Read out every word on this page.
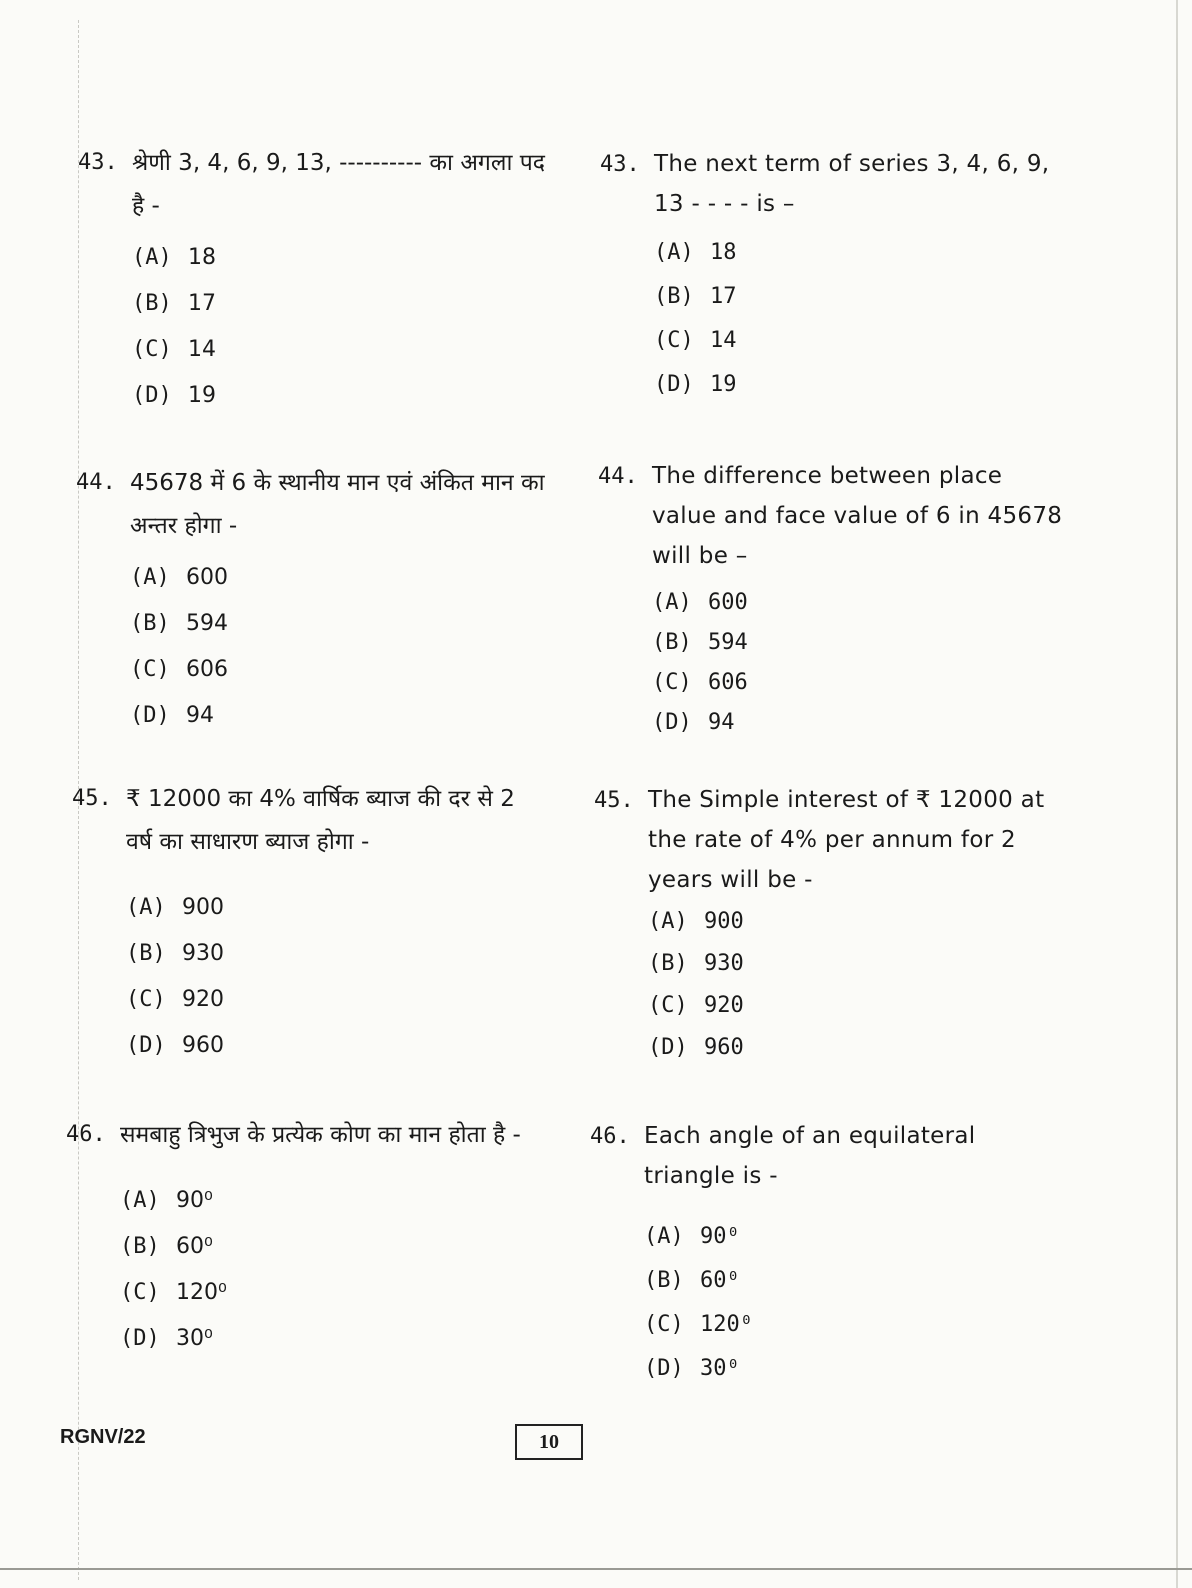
43. श्रेणी 3, 4, 6, 9, 13, ---------- का अगला पद है -
(A) 18
(B) 17
(C) 14
(D) 19
43. The next term of series 3, 4, 6, 9, 13 - - - - is –
(A) 18
(B) 17
(C) 14
(D) 19
44. 45678 में 6 के स्थानीय मान एवं अंकित मान का अन्तर होगा -
(A) 600
(B) 594
(C) 606
(D) 94
44. The difference between place value and face value of 6 in 45678 will be –
(A) 600
(B) 594
(C) 606
(D) 94
45. ₹ 12000 का 4% वार्षिक ब्याज की दर से 2 वर्ष का साधारण ब्याज होगा -
(A) 900
(B) 930
(C) 920
(D) 960
45. The Simple interest of ₹ 12000 at the rate of 4% per annum for 2 years will be -
(A) 900
(B) 930
(C) 920
(D) 960
46. समबाहु त्रिभुज के प्रत्येक कोण का मान होता है -
(A) 90⁰
(B) 60⁰
(C) 120⁰
(D) 30⁰
46. Each angle of an equilateral triangle is -
(A) 90⁰
(B) 60⁰
(C) 120⁰
(D) 30⁰
RGNV/22	10
